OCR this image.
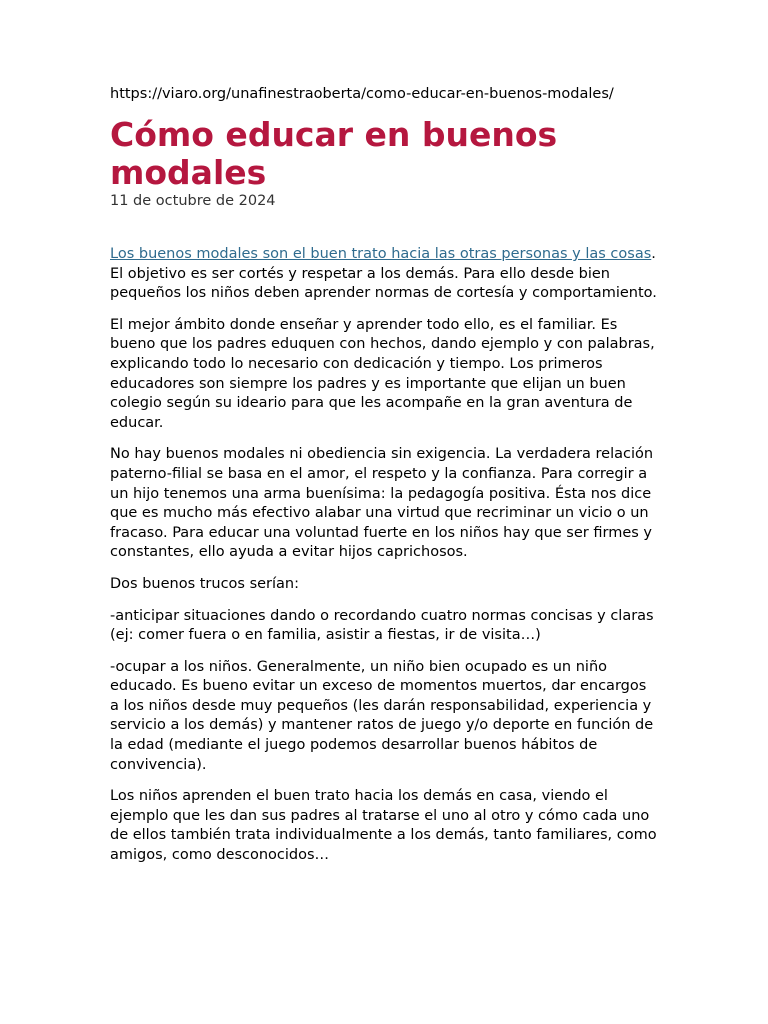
https://viaro.org/unafinestraoberta/como-educar-en-buenos-modales/

Cómo educar en buenos modales

11 de octubre de 2024

Los buenos modales son el buen trato hacia las otras personas y las cosas. El objetivo es ser cortés y respetar a los demás. Para ello desde bien pequeños los niños deben aprender normas de cortesía y comportamiento.

El mejor ámbito donde enseñar y aprender todo ello, es el familiar. Es bueno que los padres eduquen con hechos, dando ejemplo y con palabras, explicando todo lo necesario con dedicación y tiempo. Los primeros educadores son siempre los padres y es importante que elijan un buen colegio según su ideario para que les acompañe en la gran aventura de educar.

No hay buenos modales ni obediencia sin exigencia. La verdadera relación paterno-filial se basa en el amor, el respeto y la confianza. Para corregir a un hijo tenemos una arma buenísima: la pedagogía positiva. Ésta nos dice que es mucho más efectivo alabar una virtud que recriminar un vicio o un fracaso. Para educar una voluntad fuerte en los niños hay que ser firmes y constantes, ello ayuda a evitar hijos caprichosos.

Dos buenos trucos serían:

-anticipar situaciones dando o recordando cuatro normas concisas y claras (ej: comer fuera o en familia, asistir a fiestas, ir de visita…)

-ocupar a los niños. Generalmente, un niño bien ocupado es un niño educado. Es bueno evitar un exceso de momentos muertos, dar encargos a los niños desde muy pequeños (les darán responsabilidad, experiencia y servicio a los demás) y mantener ratos de juego y/o deporte en función de la edad (mediante el juego podemos desarrollar buenos hábitos de convivencia).

Los niños aprenden el buen trato hacia los demás en casa, viendo el ejemplo que les dan sus padres al tratarse el uno al otro y cómo cada uno de ellos también trata individualmente a los demás, tanto familiares, como amigos, como desconocidos…
